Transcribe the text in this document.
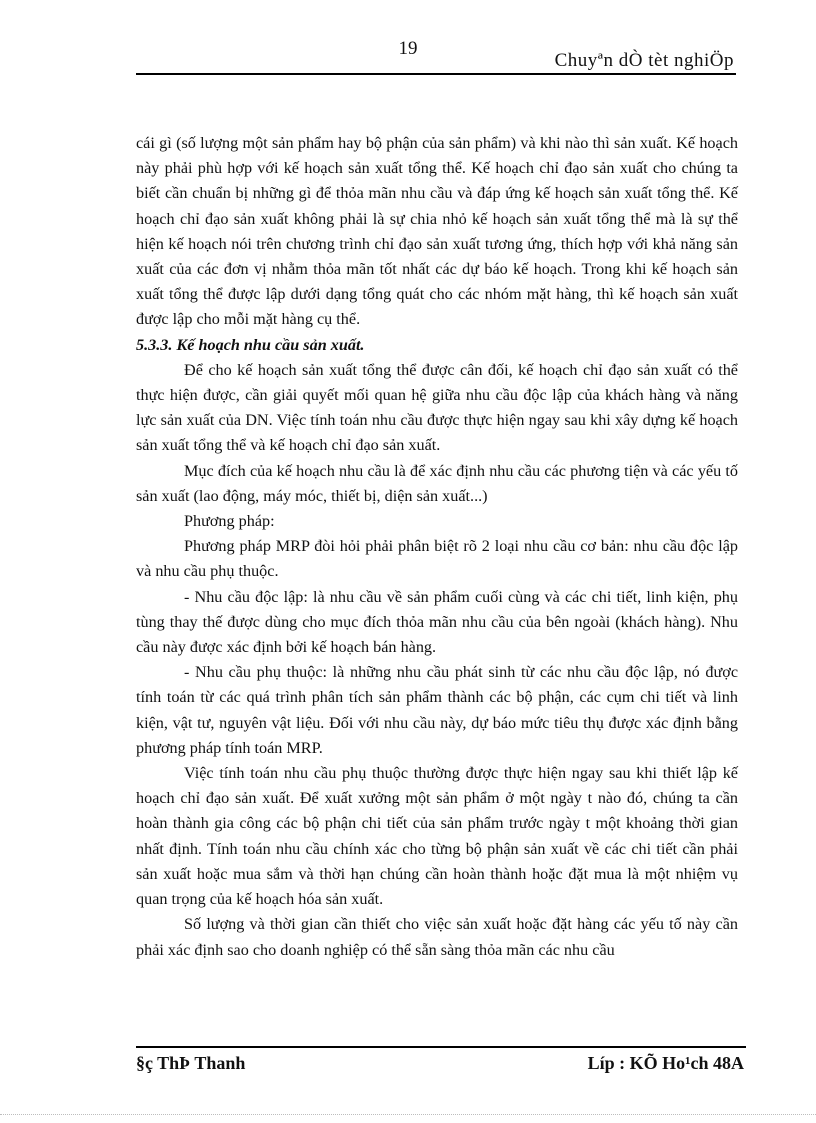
19
Chuyªn dÒ tèt nghiÖp

cái gì (số lượng một sản phẩm hay bộ phận của sản phẩm) và khi nào thì sản xuất. Kế hoạch này phải phù hợp với kế hoạch sản xuất tổng thể. Kế hoạch chỉ đạo sản xuất cho chúng ta biết cần chuẩn bị những gì để thỏa mãn nhu cầu và đáp ứng kế hoạch sản xuất tổng thể. Kế hoạch chỉ đạo sản xuất không phải là sự chia nhỏ kế hoạch sản xuất tổng thể mà là sự thể hiện kế hoạch nói trên chương trình chỉ đạo sản xuất tương ứng, thích hợp với khả năng sản xuất của các đơn vị nhằm thỏa mãn tốt nhất các dự báo kế hoạch. Trong khi kế hoạch sản xuất tổng thể được lập dưới dạng tổng quát cho các nhóm mặt hàng, thì kế hoạch sản xuất được lập cho mỗi mặt hàng cụ thể.

5.3.3. Kế hoạch nhu cầu sản xuất.

Để cho kế hoạch sản xuất tổng thể được cân đối, kế hoạch chỉ đạo sản xuất có thể thực hiện được, cần giải quyết mối quan hệ giữa nhu cầu độc lập của khách hàng và năng lực sản xuất của DN. Việc tính toán nhu cầu được thực hiện ngay sau khi xây dựng kế hoạch sản xuất tổng thể và kế hoạch chỉ đạo sản xuất.

Mục đích của kế hoạch nhu cầu là để xác định nhu cầu các phương tiện và các yếu tố sản xuất (lao động, máy móc, thiết bị, diện sản xuất...)

Phương pháp:

Phương pháp MRP đòi hỏi phải phân biệt rõ 2 loại nhu cầu cơ bản: nhu cầu độc lập và nhu cầu phụ thuộc.

- Nhu cầu độc lập: là nhu cầu về sản phẩm cuối cùng và các chi tiết, linh kiện, phụ tùng thay thế được dùng cho mục đích thỏa mãn nhu cầu của bên ngoài (khách hàng). Nhu cầu này được xác định bởi kế hoạch bán hàng.

- Nhu cầu phụ thuộc: là những nhu cầu phát sinh từ các nhu cầu độc lập, nó được tính toán từ các quá trình phân tích sản phẩm thành các bộ phận, các cụm chi tiết và linh kiện, vật tư, nguyên vật liệu. Đối với nhu cầu này, dự báo mức tiêu thụ được xác định bằng phương pháp tính toán MRP.

Việc tính toán nhu cầu phụ thuộc thường được thực hiện ngay sau khi thiết lập kế hoạch chỉ đạo sản xuất. Để xuất xưởng một sản phẩm ở một ngày t nào đó, chúng ta cần hoàn thành gia công các bộ phận chi tiết của sản phẩm trước ngày t một khoảng thời gian nhất định. Tính toán nhu cầu chính xác cho từng bộ phận sản xuất về các chi tiết cần phải sản xuất hoặc mua sắm và thời hạn chúng cần hoàn thành hoặc đặt mua là một nhiệm vụ quan trọng của kế hoạch hóa sản xuất.

Số lượng và thời gian cần thiết cho việc sản xuất hoặc đặt hàng các yếu tố này cần phải xác định sao cho doanh nghiệp có thể sẵn sàng thỏa mãn các nhu cầu

§ç ThÞ Thanh	Líp : KÕ Ho¹ch 48A
